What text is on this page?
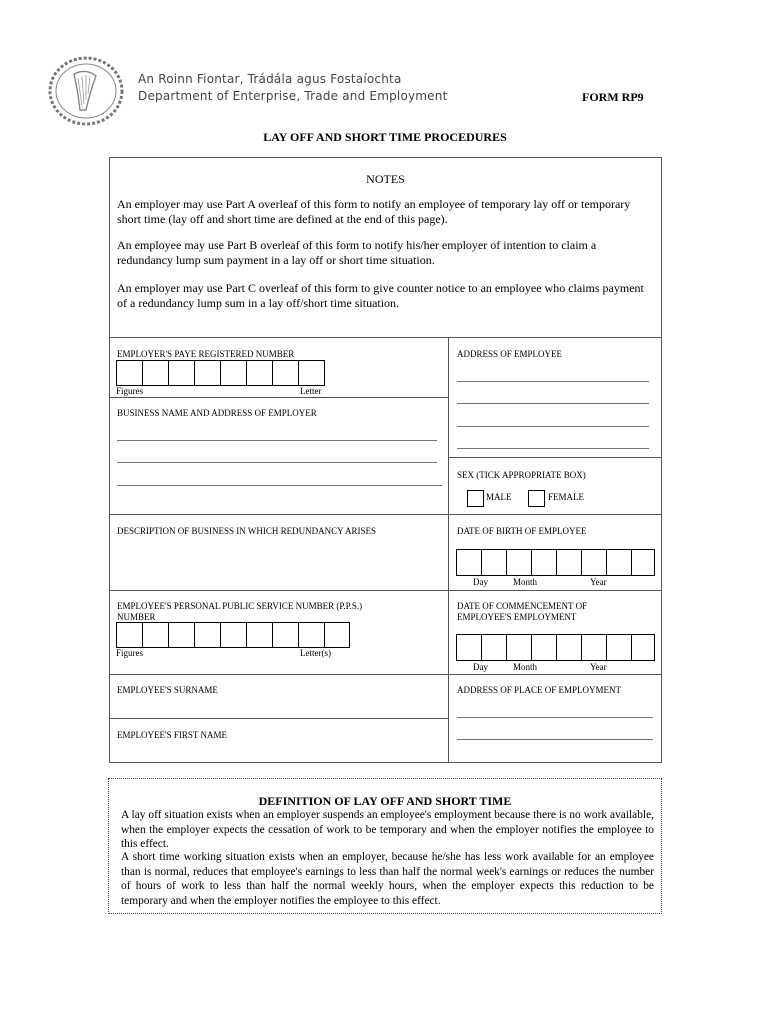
An Roinn Fiontar, Trádála agus Fostaíochta
Department of Enterprise, Trade and Employment	FORM RP9
LAY OFF AND SHORT TIME PROCEDURES
NOTES
An employer may use Part A overleaf of this form to notify an employee of temporary lay off or temporary short time (lay off and short time are defined at the end of this page).
An employee may use Part B overleaf of this form to notify his/her employer of intention to claim a redundancy lump sum payment in a lay off or short time situation.
An employer may use Part C overleaf of this form to give counter notice to an employee who claims payment of a redundancy lump sum in a lay off/short time situation.
EMPLOYER'S PAYE REGISTERED NUMBER
Figures	Letter
BUSINESS NAME AND ADDRESS OF EMPLOYER
ADDRESS OF EMPLOYEE
SEX (TICK APPROPRIATE BOX)
MALE	FEMALE
DESCRIPTION OF BUSINESS IN WHICH REDUNDANCY ARISES	DATE OF BIRTH OF EMPLOYEE
Day	Month	Year
EMPLOYEE'S PERSONAL PUBLIC SERVICE NUMBER (P.P.S.)
NUMBER
Figures	Letter(s)
DATE OF COMMENCEMENT OF
EMPLOYEE'S EMPLOYMENT
Day	Month	Year
EMPLOYEE'S SURNAME	ADDRESS OF PLACE OF EMPLOYMENT
EMPLOYEE'S FIRST NAME
DEFINITION OF LAY OFF AND SHORT TIME
A lay off situation exists when an employer suspends an employee's employment because there is no work available, when the employer expects the cessation of work to be temporary and when the employer notifies the employee to this effect.
A short time working situation exists when an employer, because he/she has less work available for an employee than is normal, reduces that employee's earnings to less than half the normal week's earnings or reduces the number of hours of work to less than half the normal weekly hours, when the employer expects this reduction to be temporary and when the employer notifies the employee to this effect.
